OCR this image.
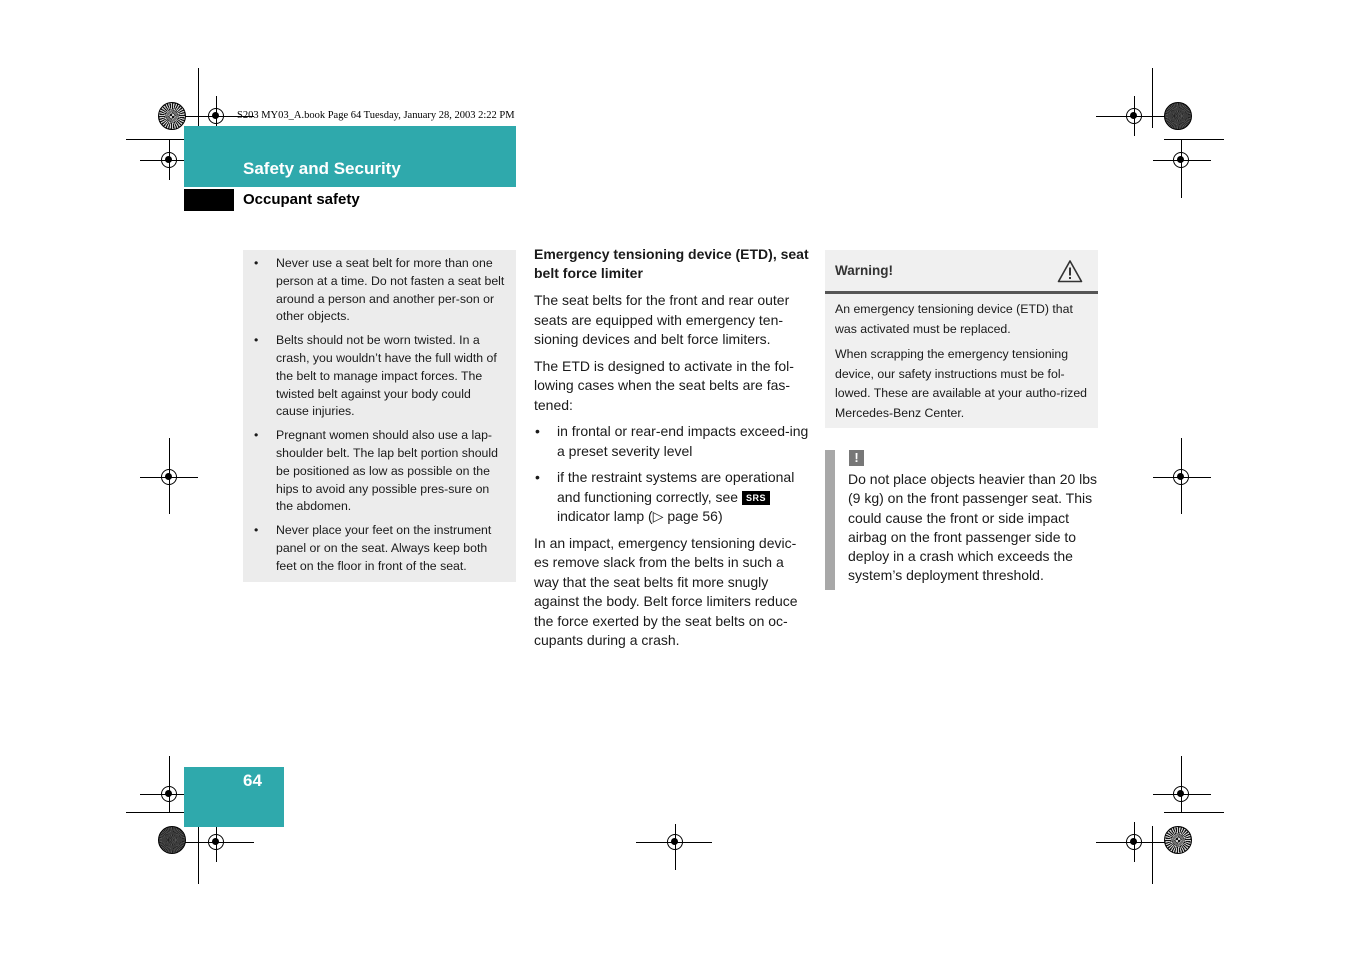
S203 MY03_A.book Page 64 Tuesday, January 28, 2003 2:22 PM
Safety and Security
Occupant safety
• Never use a seat belt for more than one person at a time. Do not fasten a seat belt around a person and another per-son or other objects.
• Belts should not be worn twisted. In a crash, you wouldn’t have the full width of the belt to manage impact forces. The twisted belt against your body could cause injuries.
• Pregnant women should also use a lap-shoulder belt. The lap belt portion should be positioned as low as possible on the hips to avoid any possible pres-sure on the abdomen.
• Never place your feet on the instrument panel or on the seat. Always keep both feet on the floor in front of the seat.
Emergency tensioning device (ETD), seat belt force limiter

The seat belts for the front and rear outer seats are equipped with emergency ten-sioning devices and belt force limiters.

The ETD is designed to activate in the fol-lowing cases when the seat belts are fas-tened:

• in frontal or rear-end impacts exceed-ing a preset severity level
• if the restraint systems are operational and functioning correctly, see SRS indicator lamp (▷ page 56)

In an impact, emergency tensioning devic-es remove slack from the belts in such a way that the seat belts fit more snugly against the body. Belt force limiters reduce the force exerted by the seat belts on oc-cupants during a crash.

Warning!

An emergency tensioning device (ETD) that was activated must be replaced.

When scrapping the emergency tensioning device, our safety instructions must be fol-lowed. These are available at your autho-rized Mercedes-Benz Center.

!

Do not place objects heavier than 20 lbs (9 kg) on the front passenger seat. This could cause the front or side impact airbag on the front passenger side to deploy in a crash which exceeds the system’s deployment threshold.

64
